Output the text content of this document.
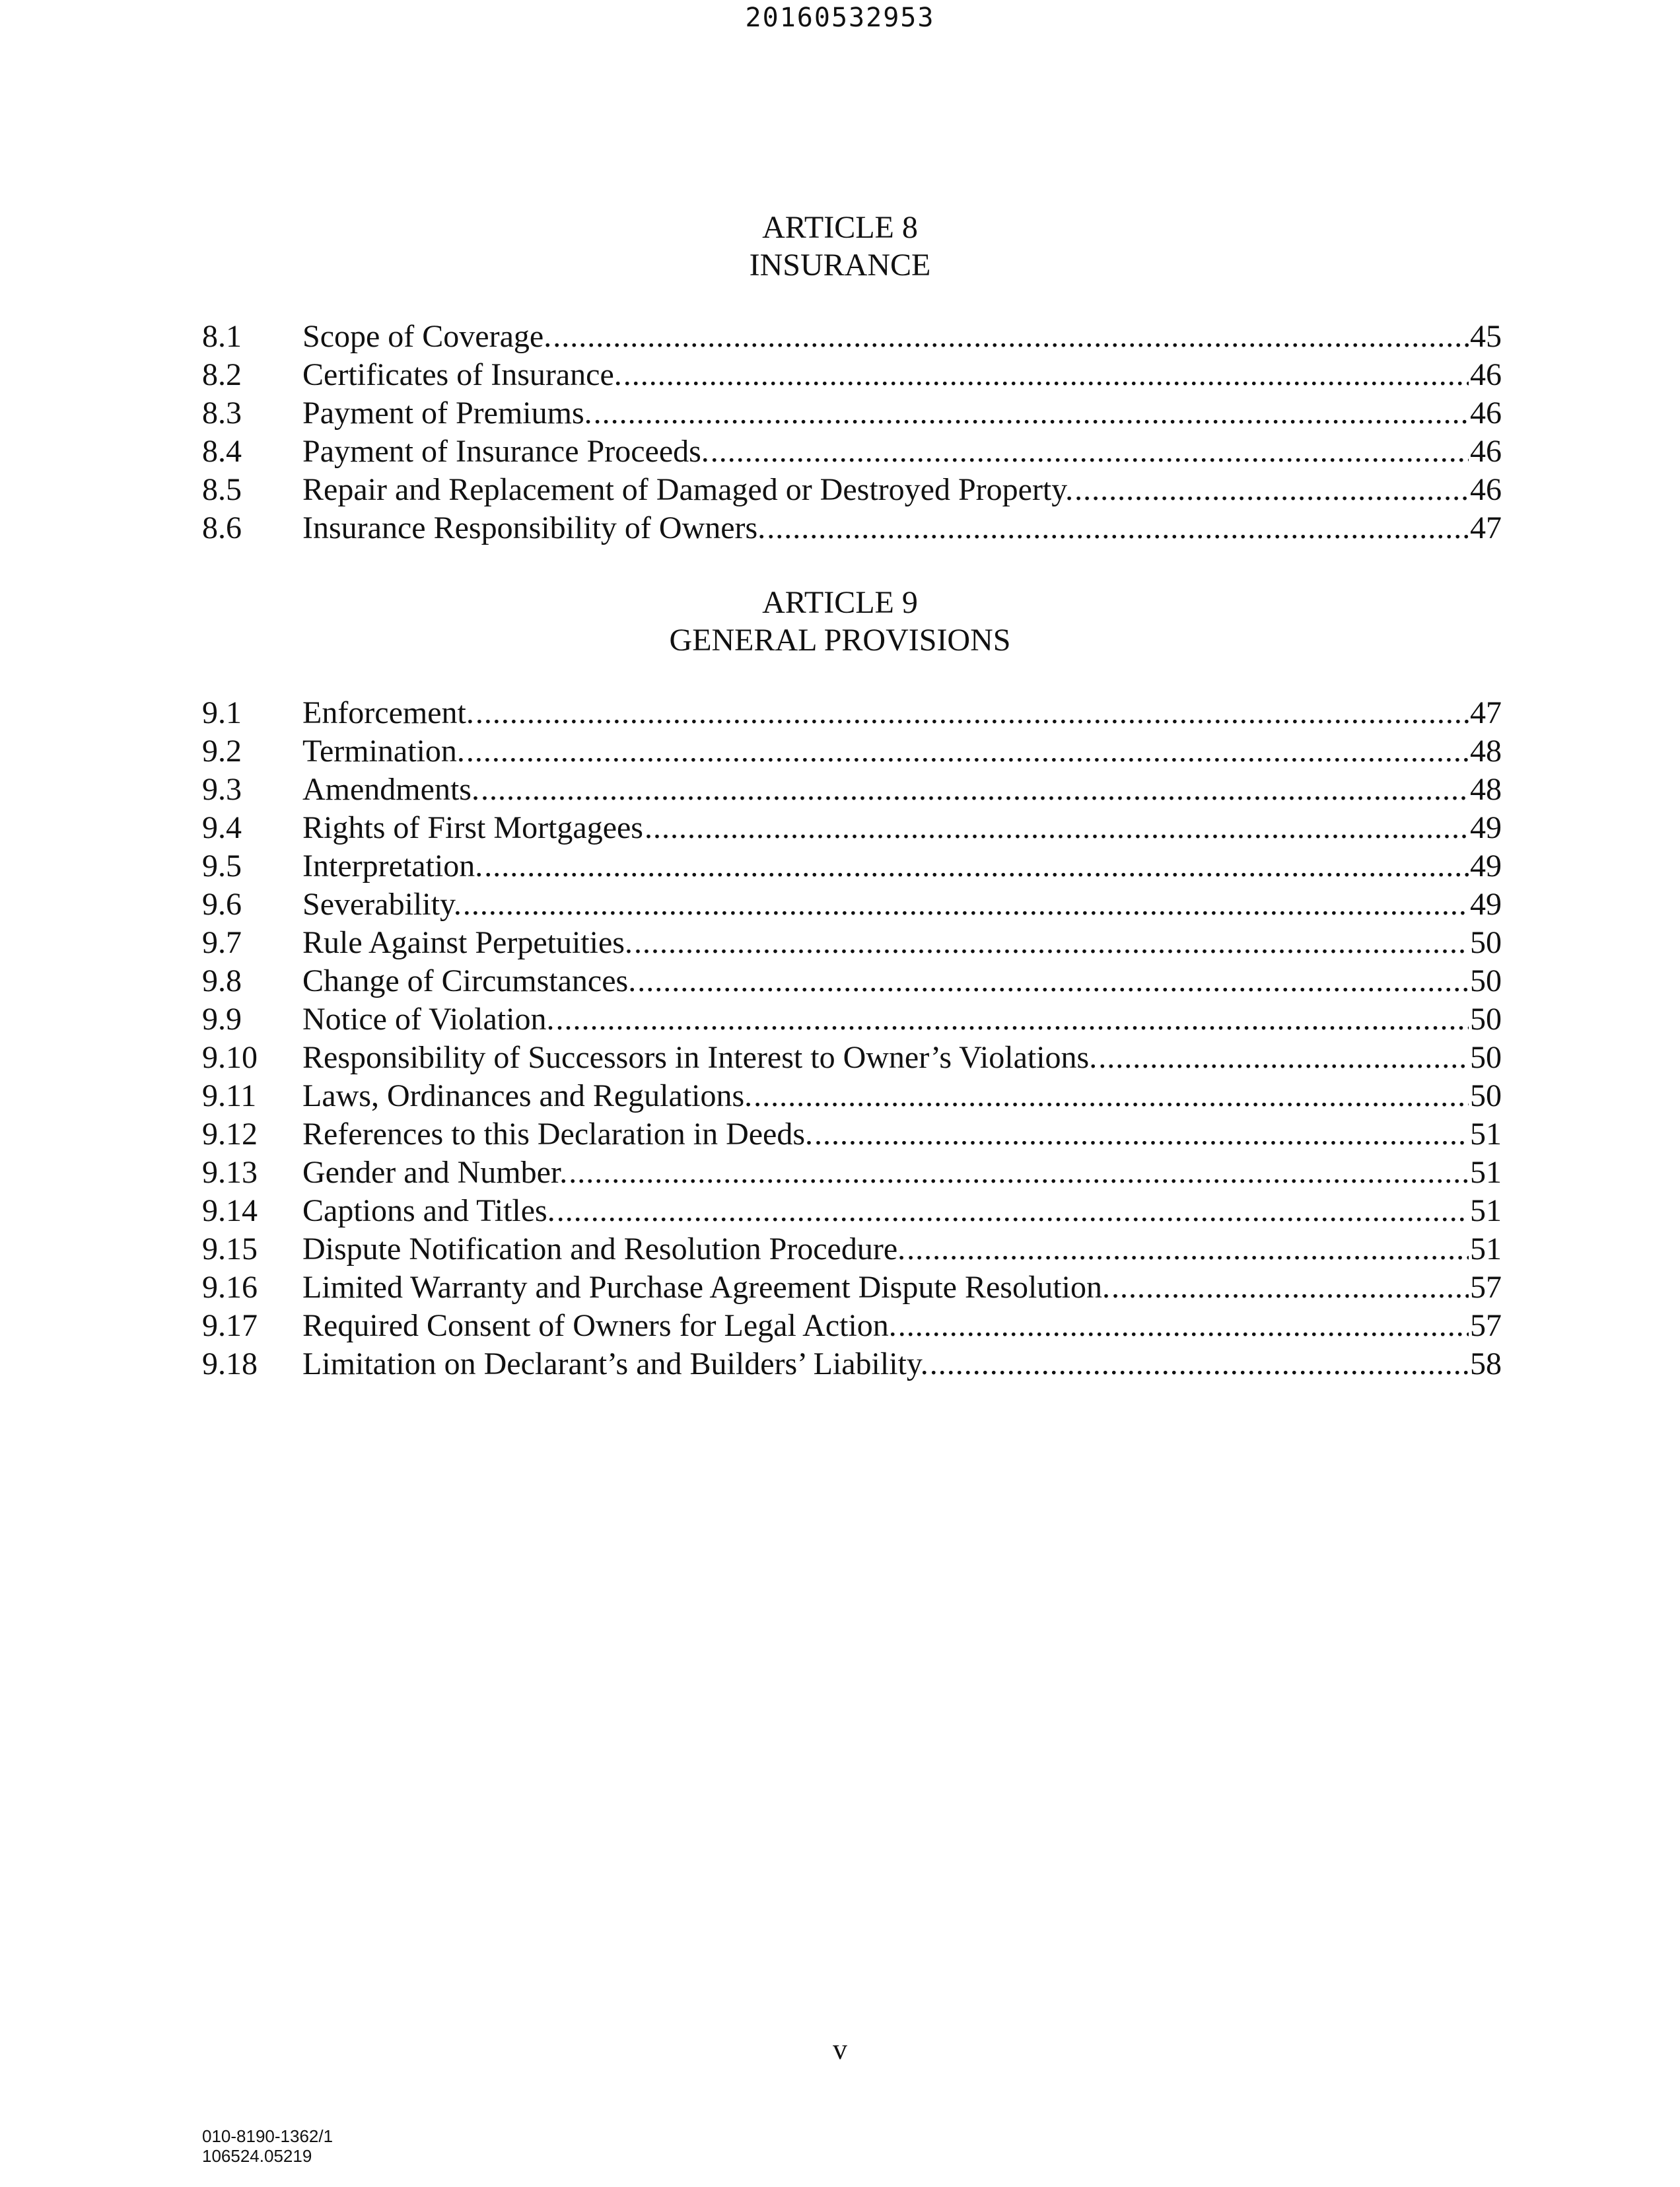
20160532953
ARTICLE 8
INSURANCE
8.1	Scope of Coverage. .....	45
8.2	Certificates of Insurance. .....	46
8.3	Payment of Premiums. .....	46
8.4	Payment of Insurance Proceeds. .....	46
8.5	Repair and Replacement of Damaged or Destroyed Property. .....	46
8.6	Insurance Responsibility of Owners. .....	47
ARTICLE 9
GENERAL PROVISIONS
9.1	Enforcement. .....	47
9.2	Termination. .....	48
9.3	Amendments. .....	48
9.4	Rights of First Mortgagees .....	49
9.5	Interpretation. .....	49
9.6	Severability. .....	49
9.7	Rule Against Perpetuities. .....	50
9.8	Change of Circumstances. .....	50
9.9	Notice of Violation. .....	50
9.10	Responsibility of Successors in Interest to Owner’s Violations. .....	50
9.11	Laws, Ordinances and Regulations. .....	50
9.12	References to this Declaration in Deeds. .....	51
9.13	Gender and Number. .....	51
9.14	Captions and Titles. .....	51
9.15	Dispute Notification and Resolution Procedure. .....	51
9.16	Limited Warranty and Purchase Agreement Dispute Resolution. .....	57
9.17	Required Consent of Owners for Legal Action. .....	57
9.18	Limitation on Declarant’s and Builders’ Liability. .....	58
v
010-8190-1362/1
106524.05219
